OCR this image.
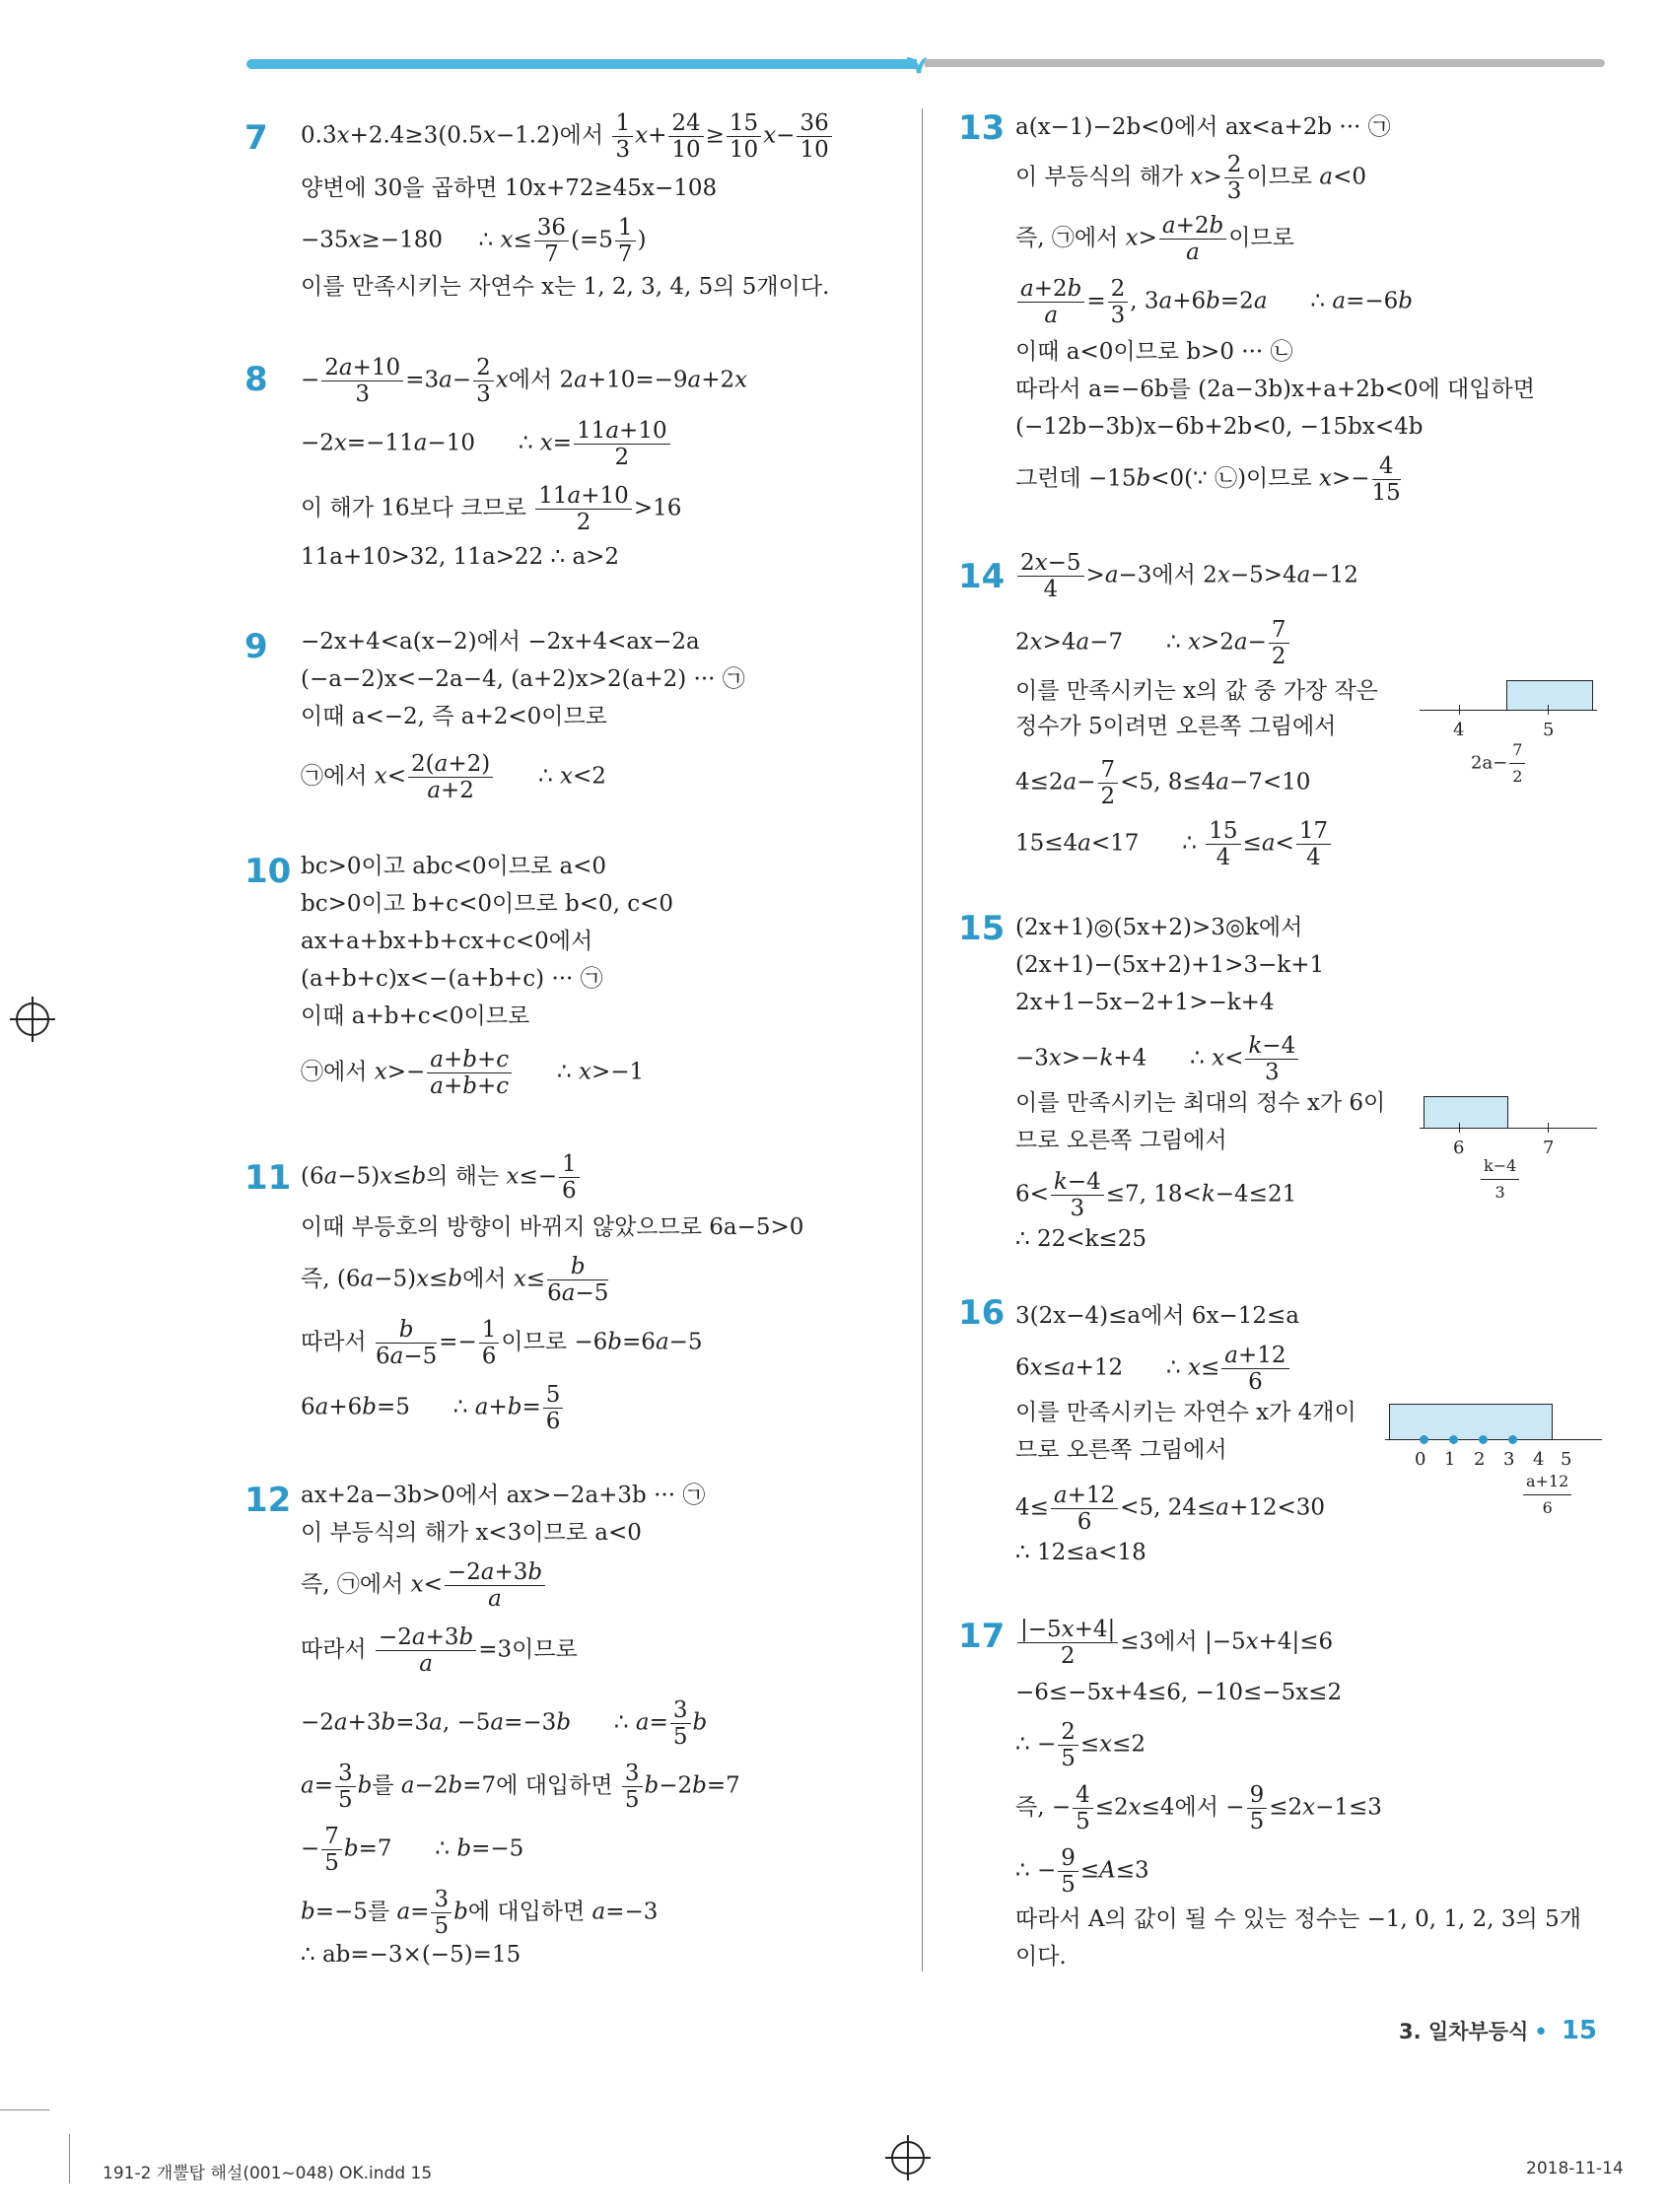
7 0.3̇x+2.4≥3(0.5x−1.2)에서 $\frac{1}{3} x+ \frac{24}{10} \ge \frac{15}{10} x- \frac{36}{10}$
양변에 30을 곱하면 10x+72≥45x−108
−35x≥−180     ∴ $x\le \frac{36}{7} (=5 \frac{1}{7}$ )
이를 만족시키는 자연수 x는 1, 2, 3, 4, 5의 5개이다.
$8 - \frac{2a+10}{3} =3a- \frac{2}{3}$ x에서 2a+10=−9a+2x
−2x=−11a−10      ∴ $x= \frac{11a+10}{2}$
이 해가 16보다 크므로 $\frac{11a+10}{2} >16$
11a+10>32, 11a>22 ∴ a>2
9 −2x+4<a(x−2)에서 −2x+4<ax−2a
(−a−2)x<−2a−4, (a+2)x>2(a+2) ··· ㉠
이때 a<−2, 즉 a+2<0이므로
㉠에서 $x< \frac{2(a+2)}{a+2}$ ∴ x<2
10 bc>0이고 abc<0이므로 a<0
bc>0이고 b+c<0이므로 b<0, c<0
ax+a+bx+b+cx+c<0에서
(a+b+c)x<−(a+b+c) ··· ㉠
이때 a+b+c<0이므로
㉠에서 $x>- \frac{a+b+c}{a+b+c}$ ∴ x>−1
11 (6a−5)x≤b의 해는 $x\le- \frac{1}{6}$
이때 부등호의 방향이 바뀌지 않았으므로 6a−5>0
즉, (6a−5)x≤b에서 $x\le \frac{b}{6a-5}$
따라서 $\frac{b}{6a-5} =- \frac{1}{6}$ 이므로 −6b=6a−5
6a+6b=5      ∴ $a+b= \frac{5}{6}$
12 ax+2a−3b>0에서 ax>−2a+3b ··· ㉠
이 부등식의 해가 x<3이므로 a<0
즉, ㉠에서 $x< \frac{-2a+3b}{a}$
따라서 $\frac{-2a+3b}{a} =3$이므로
−2a+3b=3a, −5a=−3b      ∴ $a= \frac{3}{5}$ b
$a= \frac{3}{5}$ b를 a−2b=7에 대입하면 $\frac{3}{5} b-2b=7$
− $\frac{7}{5} b=7$      ∴ b=−5
b=−5를 $a= \frac{3}{5}$ b에 대입하면 a=−3
∴ ab=−3×(−5)=15
13 a(x−1)−2b<0에서 ax<a+2b ··· ㉠
이 부등식의 해가 $x> \frac{2}{3}$ 이므로 a<0
즉, ㉠에서 $x> \frac{a+2b}{a}$ 이므로
$\frac{a+2b}{a} = \frac{2}{3}$ , 3a+6b=2a      ∴ a=−6b
이때 a<0이므로 b>0 ··· ㉡
따라서 a=−6b를 (2a−3b)x+a+2b<0에 대입하면
(−12b−3b)x−6b+2b<0, −15bx<4b
그런데 −15b<0(∵ ㉡)이므로 $x>- \frac{4}{15}$
$14 \frac{2x-5}{4} >a-3$에서 2x−5>4a−12
2x>4a−7      ∴ $x>2a- \frac{7}{2}$
이를 만족시키는 x의 값 중 가장 작은
정수가 5이려면 오른쪽 그림에서
$4\le 2a- \frac{7}{2} <5$, 8≤4a−7<10
15≤4a<17      ∴ $\frac{15}{4} \le a< \frac{17}{4}$
4	5
$2a- \frac{7}{2}$
15 (2x+1)◎(5x+2)>3◎k에서
(2x+1)−(5x+2)+1>3−k+1
2x+1−5x−2+1>−k+4
−3x>−k+4      ∴ $x< \frac{k-4}{3}$
이를 만족시키는 최대의 정수 x가 6이
므로 오른쪽 그림에서
$6< \frac{k-4}{3} \le 7$, 18<k−4≤21
∴ 22<k≤25
6	7
$\frac{k-4}{3}$
16 3(2x−4)≤a에서 6x−12≤a
6x≤a+12      ∴ $x\le \frac{a+12}{6}$
이를 만족시키는 자연수 x가 4개이
므로 오른쪽 그림에서
$4\le \frac{a+12}{6} <5$, 24≤a+12<30
∴ 12≤a<18
0 1 2 3 4 5
$\frac{a+12}{6}$
$17 \frac{|-5x+4|}{2} \le 3$에서 |−5x+4|≤6
−6≤−5x+4≤6, −10≤−5x≤2
∴ − $\frac{2}{5} \le x\le 2$
즉, − $\frac{4}{5} \le 2x\le 4$에서 − $\frac{9}{5} \le 2x-1\le 3$
∴ − $\frac{9}{5} \le A\le 3$
따라서 A의 값이 될 수 있는 정수는 −1, 0, 1, 2, 3의 5개
이다.
3. 일차부등식 • 15
191-2 개뿔탑 해설(001~048) OK.indd 15	2018-11-14
